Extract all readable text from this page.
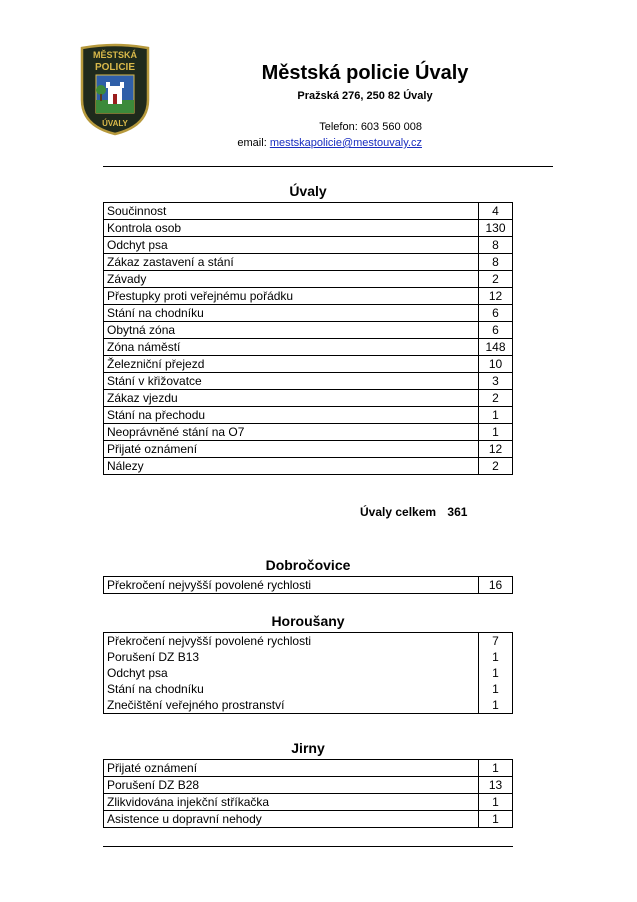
MĚSTSKÁ
POLICIE
ÚVALY
Městská policie Úvaly
Pražská 276, 250 82 Úvaly
Telefon: 603 560 008
email: mestskapolicie@mestouvaly.cz
Úvaly
Součinnost	4
Kontrola osob	130
Odchyt psa	8
Zákaz zastavení a stání	8
Závady	2
Přestupky proti veřejnému pořádku	12
Stání na chodníku	6
Obytná zóna	6
Zóna náměstí	148
Železniční přejezd	10
Stání v křižovatce	3
Zákaz vjezdu	2
Stání na přechodu	1
Neoprávněné stání na O7	1
Přijaté oznámení	12
Nálezy	2
Úvaly celkem 361
Dobročovice
Překročení nejvyšší povolené rychlosti	16
Horoušany
Překročení nejvyšší povolené rychlosti	7
Porušení DZ B13	1
Odchyt psa	1
Stání na chodníku	1
Znečištění veřejného prostranství	1
Jirny
Přijaté oznámení	1
Porušení DZ B28	13
Zlikvidována injekční stříkačka	1
Asistence u dopravní nehody	1
